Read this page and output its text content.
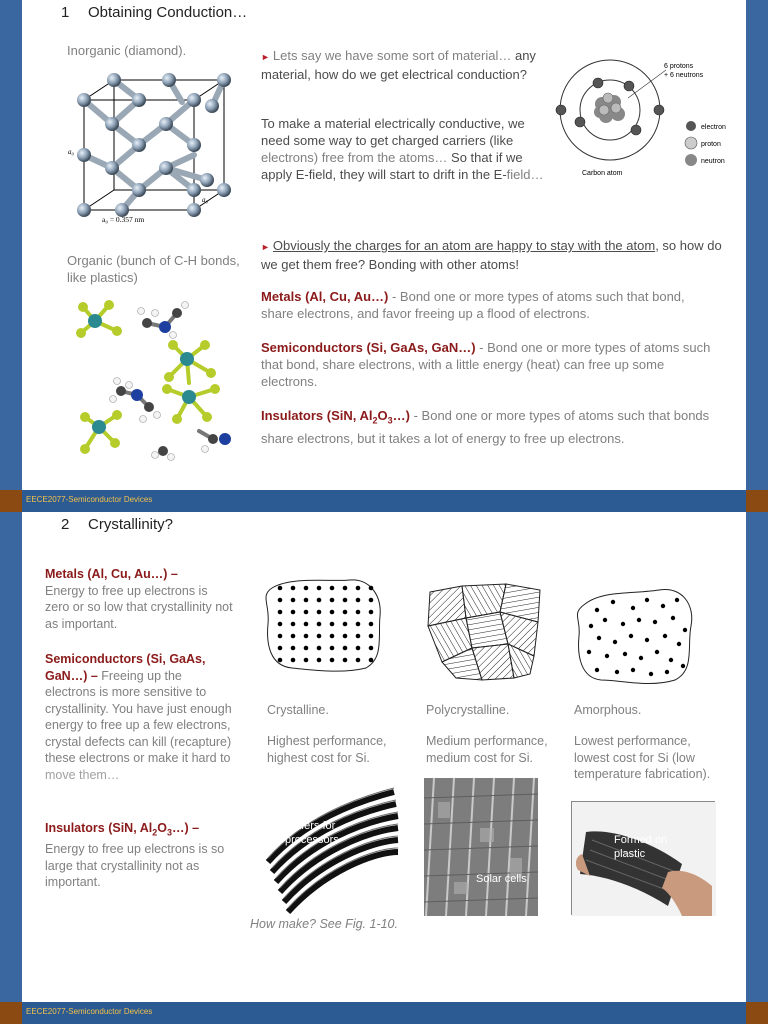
1 Obtaining Conduction…
Inorganic (diamond).
a₀
a₀
a₀ = 0.357 nm
Organic (bunch of C-H bonds, like plastics)
► Lets say we have some sort of material… any material, how do we get electrical conduction?
To make a material electrically conductive, we need some way to get charged carriers (like electrons) free from the atoms… So that if we apply E-field, they will start to drift in the E-field…
6 protons
+ 6 neutrons
electron
proton
neutron
Carbon atom
► Obviously the charges for an atom are happy to stay with the atom, so how do we get them free? Bonding with other atoms!
Metals (Al, Cu, Au…) - Bond one or more types of atoms such that bond, share electrons, and favor freeing up a flood of electrons.
Semiconductors (Si, GaAs, GaN…) - Bond one or more types of atoms such that bond, share electrons, with a little energy (heat) can free up some electrons.
Insulators (SiN, $Al_2O_3\dots$) - Bond one or more types of atoms such that bonds share electrons, but it takes a lot of energy to free up electrons.
EECE2077-Semiconductor Devices
2 Crystallinity?
Metals (Al, Cu, Au…) –
Energy to free up electrons is zero or so low that crystallinity not as important.
Semiconductors (Si, GaAs, GaN…) – Freeing up the electrons is more sensitive to crystallinity. You have just enough energy to free up a few electrons, crystal defects can kill (recapture) these electrons or make it hard to move them…
Insulators (SiN, $Al_2O_3\dots$) –
Energy to free up electrons is so large that crystallinity not as important.
Crystalline.
Highest performance, highest cost for Si.
Polycrystalline.
Medium performance, medium cost for Si.
Amorphous.
Lowest performance, lowest cost for Si (low temperature fabrication).
Wafers for processors
Solar cells
Formed on plastic
How make? See Fig. 1-10.
EECE2077-Semiconductor Devices
